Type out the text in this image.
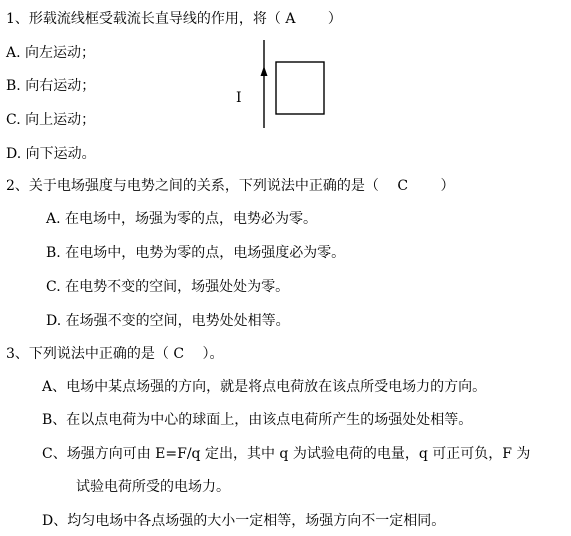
1、形载流线框受载流长直导线的作用，将（ A　　 ）
A. 向左运动；
B. 向右运动；
C. 向上运动；
D. 向下运动。
I
2、关于电场强度与电势之间的关系，下列说法中正确的是（　 C　　 ）
A. 在电场中，场强为零的点，电势必为零。
B. 在电场中，电势为零的点，电场强度必为零。
C. 在电势不变的空间，场强处处为零。
D. 在场强不变的空间，电势处处相等。
3、下列说法中正确的是（ C　 ）。
A、电场中某点场强的方向，就是将点电荷放在该点所受电场力的方向。
B、在以点电荷为中心的球面上，由该点电荷所产生的场强处处相等。
C、场强方向可由 E=F/q 定出，其中 q 为试验电荷的电量，q 可正可负，F 为
试验电荷所受的电场力。
D、均匀电场中各点场强的大小一定相等，场强方向不一定相同。
